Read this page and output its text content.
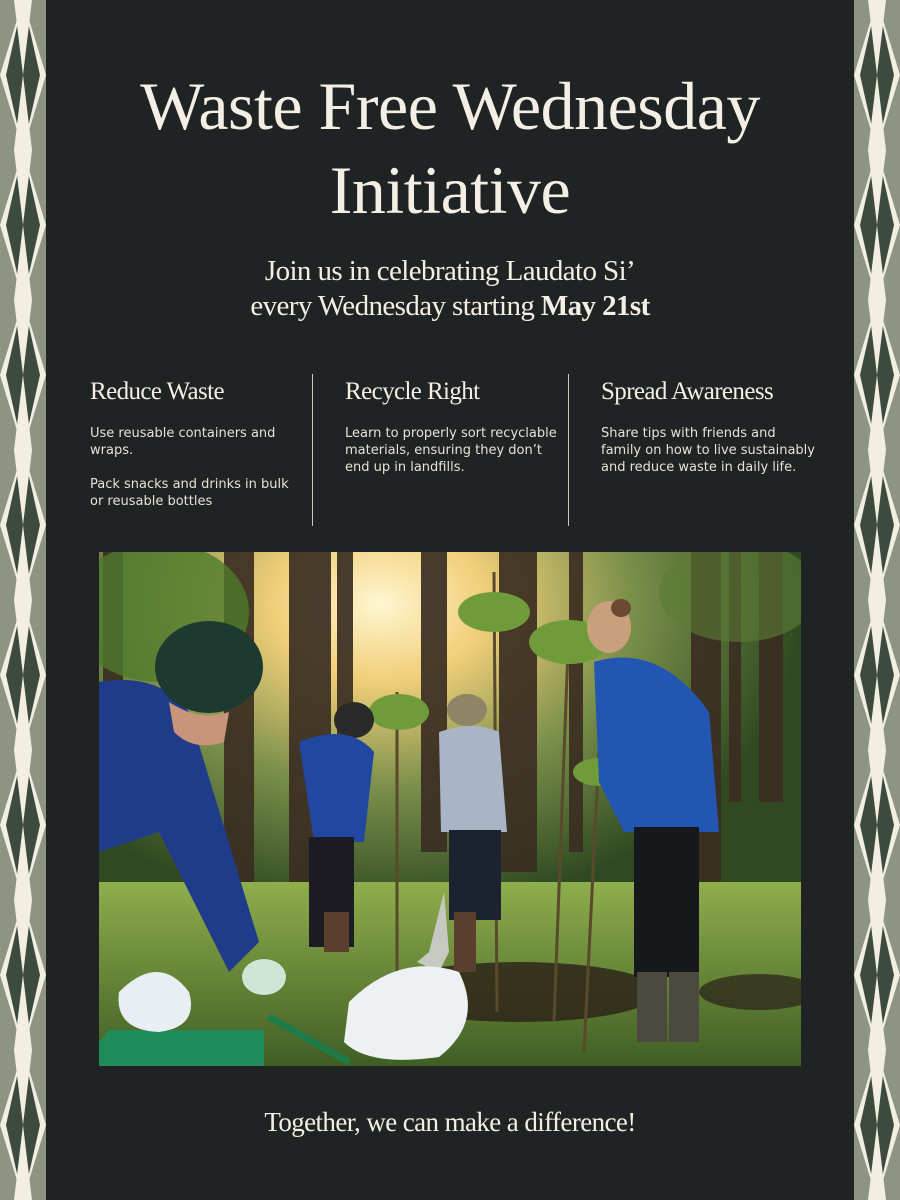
Waste Free Wednesday
Initiative
Join us in celebrating Laudato Si’
every Wednesday starting May 21st
Reduce Waste

Use reusable containers and wraps.

Pack snacks and drinks in bulk or reusable bottles

Recycle Right

Learn to properly sort recyclable materials, ensuring they don’t end up in landfills.

Spread Awareness

Share tips with friends and family on how to live sustainably and reduce waste in daily life.

Together, we can make a difference!
